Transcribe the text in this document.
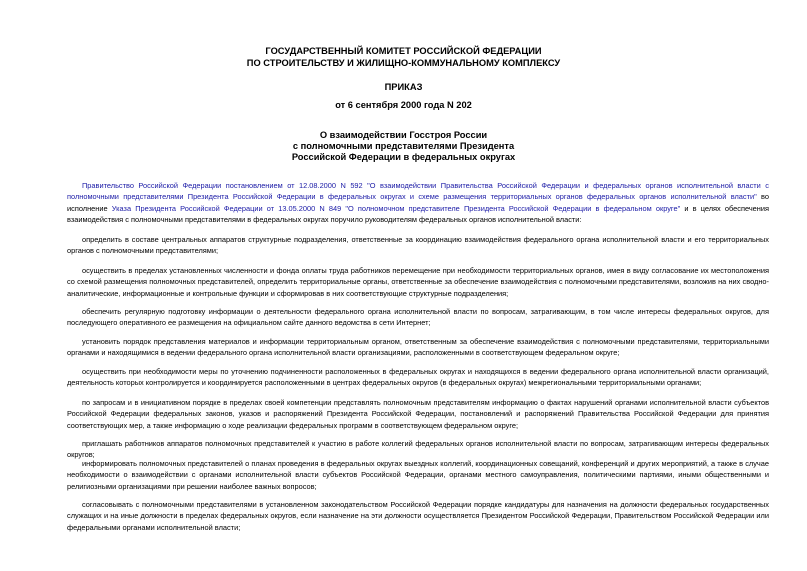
ГОСУДАРСТВЕННЫЙ КОМИТЕТ РОССИЙСКОЙ ФЕДЕРАЦИИ
ПО СТРОИТЕЛЬСТВУ И ЖИЛИЩНО-КОММУНАЛЬНОМУ КОМПЛЕКСУ
ПРИКАЗ
от 6 сентября 2000 года N 202
О взаимодействии Госстроя России
с полномочными представителями Президента
Российской Федерации в федеральных округах

Правительство Российской Федерации постановлением от 12.08.2000 N 592 "О взаимодействии Правительства Российской Федерации и федеральных органов исполнительной власти с полномочными представителями Президента Российской Федерации в федеральных округах и схеме размещения территориальных органов федеральных органов исполнительной власти" во исполнение Указа Президента Российской Федерации от 13.05.2000 N 849 "О полномочном представителе Президента Российской Федерации в федеральном округе" и в целях обеспечения взаимодействия с полномочными представителями в федеральных округах поручило руководителям федеральных органов исполнительной власти:

определить в составе центральных аппаратов структурные подразделения, ответственные за координацию взаимодействия федерального органа исполнительной власти и его территориальных органов с полномочными представителями;

осуществить в пределах установленных численности и фонда оплаты труда работников перемещение при необходимости территориальных органов, имея в виду согласование их местоположения со схемой размещения полномочных представителей, определить территориальные органы, ответственные за обеспечение взаимодействия с полномочными представителями, возложив на них сводно-аналитические, информационные и контрольные функции и сформировав в них соответствующие структурные подразделения;

обеспечить регулярную подготовку информации о деятельности федерального органа исполнительной власти по вопросам, затрагивающим, в том числе интересы федеральных округов, для последующего оперативного ее размещения на официальном сайте данного ведомства в сети Интернет;

установить порядок представления материалов и информации территориальным органом, ответственным за обеспечение взаимодействия с полномочными представителями, территориальными органами и находящимися в ведении федерального органа исполнительной власти организациями, расположенными в соответствующем федеральном округе;

осуществить при необходимости меры по уточнению подчиненности расположенных в федеральных округах и находящихся в ведении федерального органа исполнительной власти организаций, деятельность которых контролируется и координируется расположенными в центрах федеральных округов (в федеральных округах) межрегиональными территориальными органами;

по запросам и в инициативном порядке в пределах своей компетенции представлять полномочным представителям информацию о фактах нарушений органами исполнительной власти субъектов Российской Федерации федеральных законов, указов и распоряжений Президента Российской Федерации, постановлений и распоряжений Правительства Российской Федерации для принятия соответствующих мер, а также информацию о ходе реализации федеральных программ в соответствующем федеральном округе;

приглашать работников аппаратов полномочных представителей к участию в работе коллегий федеральных органов исполнительной власти по вопросам, затрагивающим интересы федеральных округов;

информировать полномочных представителей о планах проведения в федеральных округах выездных коллегий, координационных совещаний, конференций и других мероприятий, а также в случае необходимости о взаимодействии с органами исполнительной власти субъектов Российской Федерации, органами местного самоуправления, политическими партиями, иными общественными и религиозными организациями при решении наиболее важных вопросов;

согласовывать с полномочными представителями в установленном законодательством Российской Федерации порядке кандидатуры для назначения на должности федеральных государственных служащих и на иные должности в пределах федеральных округов, если назначение на эти должности осуществляется Президентом Российской Федерации, Правительством Российской Федерации или федеральными органами исполнительной власти;
